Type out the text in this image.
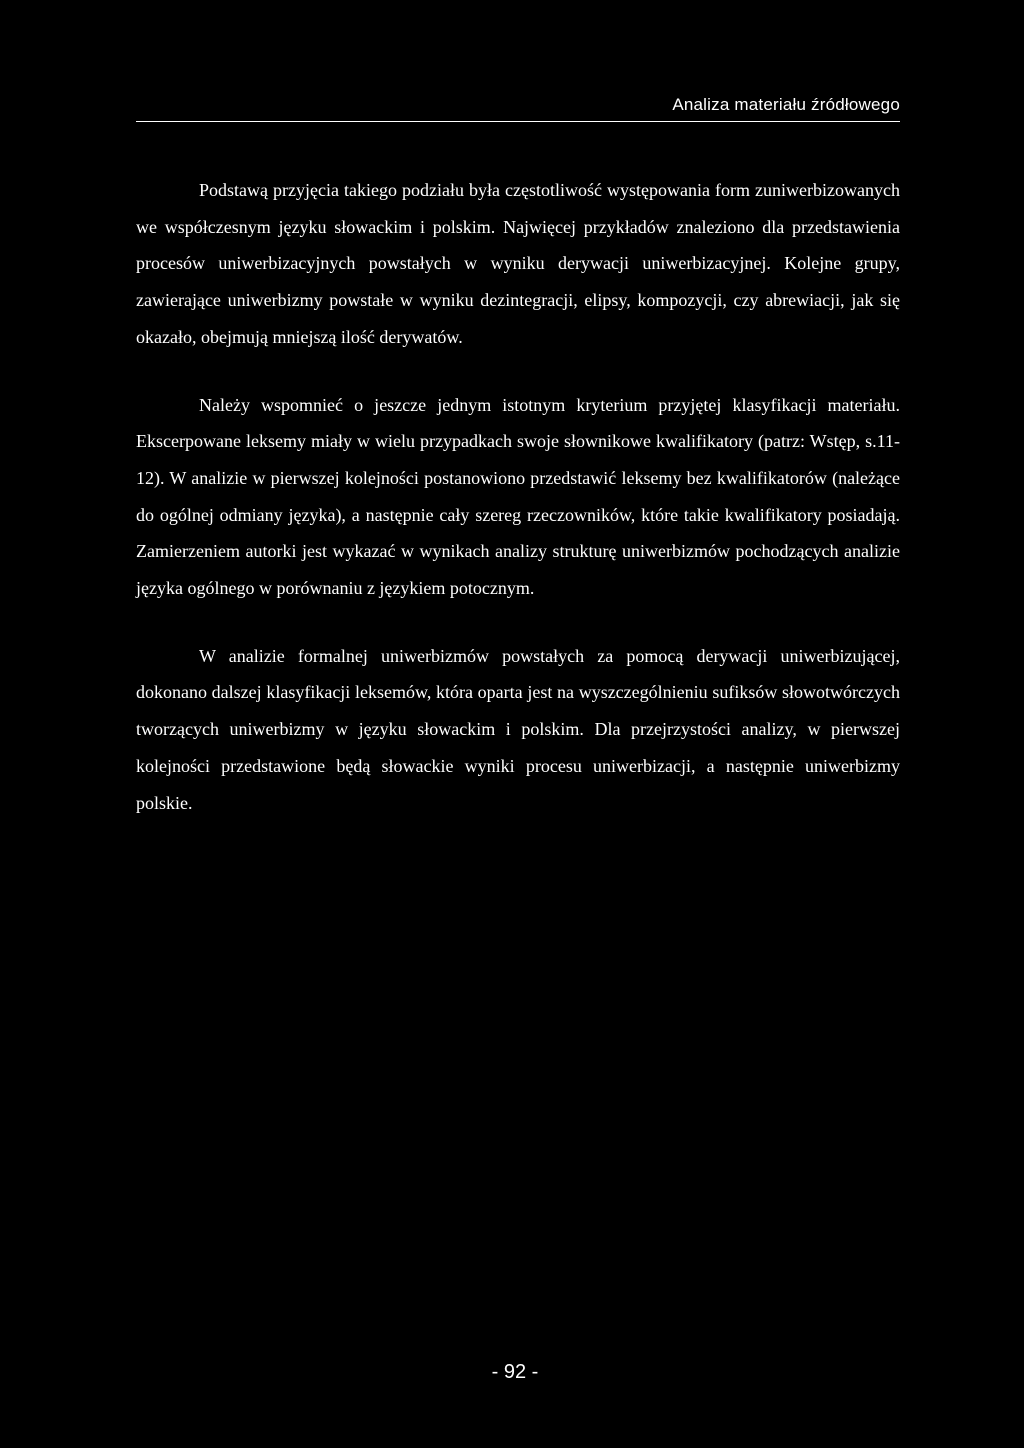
Analiza materiału źródłowego

Podstawą przyjęcia takiego podziału była częstotliwość występowania form zuniwerbizowanych we współczesnym języku słowackim i polskim. Najwięcej przykładów znaleziono dla przedstawienia procesów uniwerbizacyjnych powstałych w wyniku derywacji uniwerbizacyjnej. Kolejne grupy, zawierające uniwerbizmy powstałe w wyniku dezintegracji, elipsy, kompozycji, czy abrewiacji, jak się okazało, obejmują mniejszą ilość derywatów.

Należy wspomnieć o jeszcze jednym istotnym kryterium przyjętej klasyfikacji materiału. Ekscerpowane leksemy miały w wielu przypadkach swoje słownikowe kwalifikatory (patrz: Wstęp, s.11-12). W analizie w pierwszej kolejności postanowiono przedstawić leksemy bez kwalifikatorów (należące do ogólnej odmiany języka), a następnie cały szereg rzeczowników, które takie kwalifikatory posiadają. Zamierzeniem autorki jest wykazać w wynikach analizy strukturę uniwerbizmów pochodzących analizie języka ogólnego w porównaniu z językiem potocznym.

W analizie formalnej uniwerbizmów powstałych za pomocą derywacji uniwerbizującej, dokonano dalszej klasyfikacji leksemów, która oparta jest na wyszczególnieniu sufiksów słowotwórczych tworzących uniwerbizmy w języku słowackim i polskim. Dla przejrzystości analizy, w pierwszej kolejności przedstawione będą słowackie wyniki procesu uniwerbizacji, a następnie uniwerbizmy polskie.

- 92 -
